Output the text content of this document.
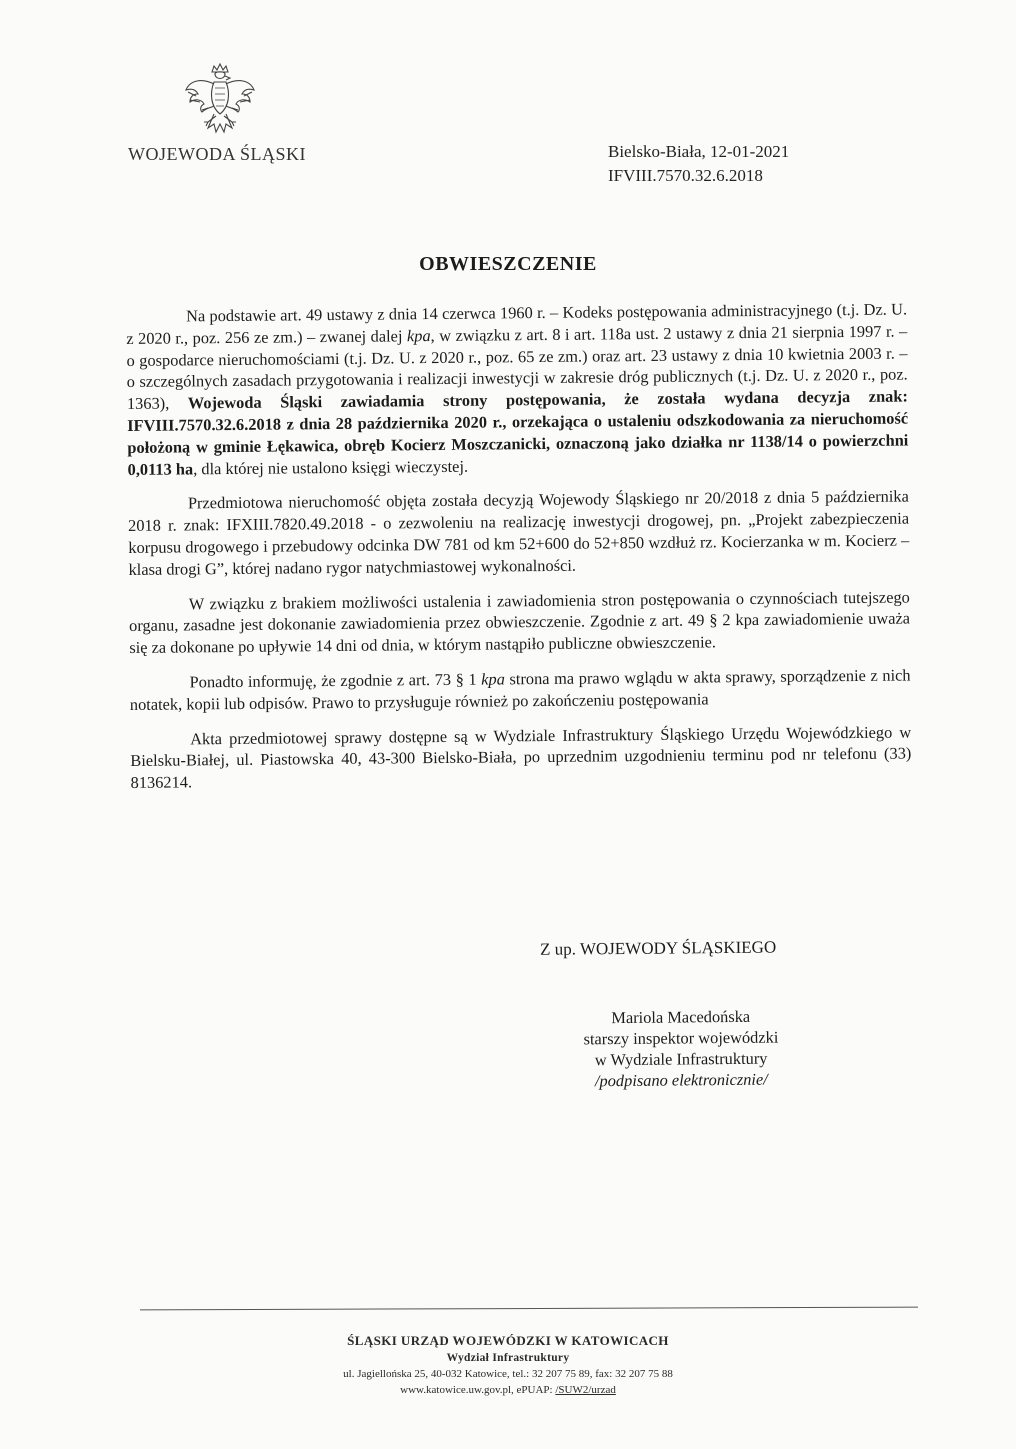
WOJEWODA ŚLĄSKI	Bielsko-Biała, 12-01-2021
IFVIII.7570.32.6.2018
OBWIESZCZENIE

Na podstawie art. 49 ustawy z dnia 14 czerwca 1960 r. – Kodeks postępowania administracyjnego (t.j. Dz. U. z 2020 r., poz. 256 ze zm.) – zwanej dalej kpa, w związku z art. 8 i art. 118a ust. 2 ustawy z dnia 21 sierpnia 1997 r. – o gospodarce nieruchomościami (t.j. Dz. U. z 2020 r., poz. 65 ze zm.) oraz art. 23 ustawy z dnia 10 kwietnia 2003 r. – o szczególnych zasadach przygotowania i realizacji inwestycji w zakresie dróg publicznych (t.j. Dz. U. z 2020 r., poz. 1363), Wojewoda Śląski zawiadamia strony postępowania, że została wydana decyzja znak: IFVIII.7570.32.6.2018 z dnia 28 października 2020 r., orzekająca o ustaleniu odszkodowania za nieruchomość położoną w gminie Łękawica, obręb Kocierz Moszczanicki, oznaczoną jako działka nr 1138/14 o powierzchni 0,0113 ha, dla której nie ustalono księgi wieczystej.

Przedmiotowa nieruchomość objęta została decyzją Wojewody Śląskiego nr 20/2018 z dnia 5 października 2018 r. znak: IFXIII.7820.49.2018 - o zezwoleniu na realizację inwestycji drogowej, pn. „Projekt zabezpieczenia korpusu drogowego i przebudowy odcinka DW 781 od km 52+600 do 52+850 wzdłuż rz. Kocierzanka w m. Kocierz – klasa drogi G”, której nadano rygor natychmiastowej wykonalności.

W związku z brakiem możliwości ustalenia i zawiadomienia stron postępowania o czynnościach tutejszego organu, zasadne jest dokonanie zawiadomienia przez obwieszczenie. Zgodnie z art. 49 § 2 kpa zawiadomienie uważa się za dokonane po upływie 14 dni od dnia, w którym nastąpiło publiczne obwieszczenie.

Ponadto informuję, że zgodnie z art. 73 § 1 kpa strona ma prawo wglądu w akta sprawy, sporządzenie z nich notatek, kopii lub odpisów. Prawo to przysługuje również po zakończeniu postępowania

Akta przedmiotowej sprawy dostępne są w Wydziale Infrastruktury Śląskiego Urzędu Wojewódzkiego w Bielsku-Białej, ul. Piastowska 40, 43-300 Bielsko-Biała, po uprzednim uzgodnieniu terminu pod nr telefonu (33) 8136214.

Z up. WOJEWODY ŚLĄSKIEGO
Mariola Macedońska
starszy inspektor wojewódzki
w Wydziale Infrastruktury
/podpisano elektronicznie/
ŚLĄSKI URZĄD WOJEWÓDZKI W KATOWICACH
Wydział Infrastruktury
ul. Jagiellońska 25, 40-032 Katowice, tel.: 32 207 75 89, fax: 32 207 75 88
www.katowice.uw.gov.pl, ePUAP: /SUW2/urzad
